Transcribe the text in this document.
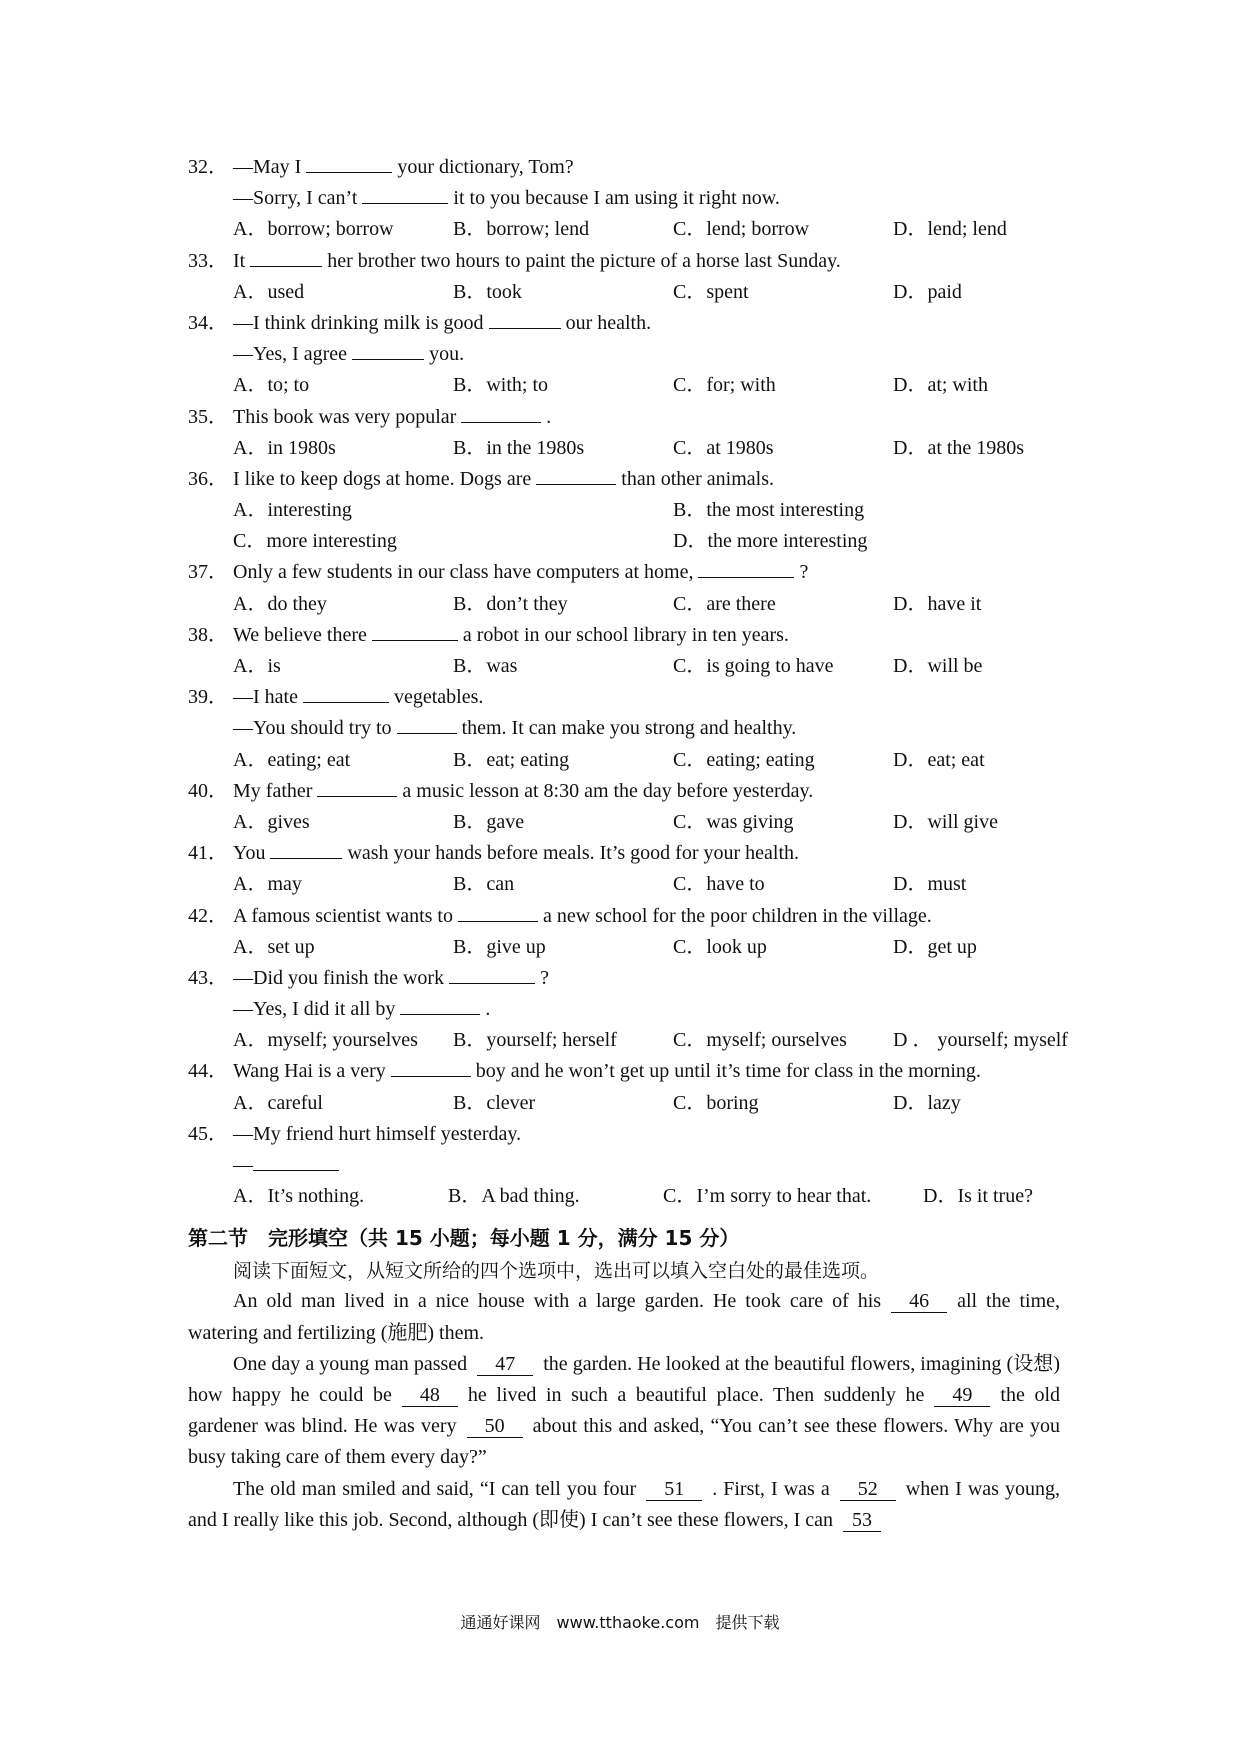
32． —May I	your dictionary, Tom?
—Sorry, I can’t	it to you because I am using it right now.
A．borrow; borrow	B．borrow; lend	C．lend; borrow	D．lend; lend
33． It	her brother two hours to paint the picture of a horse last Sunday.
A．used	B．took	C．spent	D．paid
34． —I think drinking milk is good	our health.
—Yes, I agree	you.
A．to; to	B．with; to	C．for; with	D．at; with
35． This book was very popular	.
A．in 1980s	B．in the 1980s	C．at 1980s	D．at the 1980s
36． I like to keep dogs at home. Dogs are	than other animals.
A．interesting	B．the most interesting
C．more interesting	D．the more interesting
37． Only a few students in our class have computers at home,	?
A．do they	B．don’t they	C．are there	D．have it
38． We believe there	a robot in our school library in ten years.
A．is	B．was	C．is going to have	D．will be
39． —I hate	vegetables.
—You should try to	them. It can make you strong and healthy.
A．eating; eat	B．eat; eating	C．eating; eating	D．eat; eat
40． My father	a music lesson at 8:30 am the day before yesterday.
A．gives	B．gave	C．was giving	D．will give
41． You	wash your hands before meals. It’s good for your health.
A．may	B．can	C．have to	D．must
42． A famous scientist wants to	a new school for the poor children in the village.
A．set up	B．give up	C．look up	D．get up
43． —Did you finish the work	?
—Yes, I did it all by	.
A．myself; yourselves	B．yourself; herself	C．myself; ourselves	D ． yourself; myself
44． Wang Hai is a very	boy and he won’t get up until it’s time for class in the morning.
A．careful	B．clever	C．boring	D．lazy
45． —My friend hurt himself yesterday.
—
A．It’s nothing.	B．A bad thing.	C．I’m sorry to hear that.	D．Is it true?
第二节　完形填空（共 15 小题；每小题 1 分，满分 15 分）
阅读下面短文，从短文所给的四个选项中，选出可以填入空白处的最佳选项。
An old man lived in a nice house with a large garden. He took care of his 46 all the time, watering and fertilizing (施肥) them.
One day a young man passed 47 the garden. He looked at the beautiful flowers, imagining (设想) how happy he could be 48 he lived in such a beautiful place. Then suddenly he 49 the old gardener was blind. He was very 50 about this and asked, “You can’t see these flowers. Why are you busy taking care of them every day?”
The old man smiled and said, “I can tell you four 51 . First, I was a 52 when I was young, and I really like this job. Second, although (即使) I can’t see these flowers, I can 53
通通好课网　www.tthaoke.com　提供下载
